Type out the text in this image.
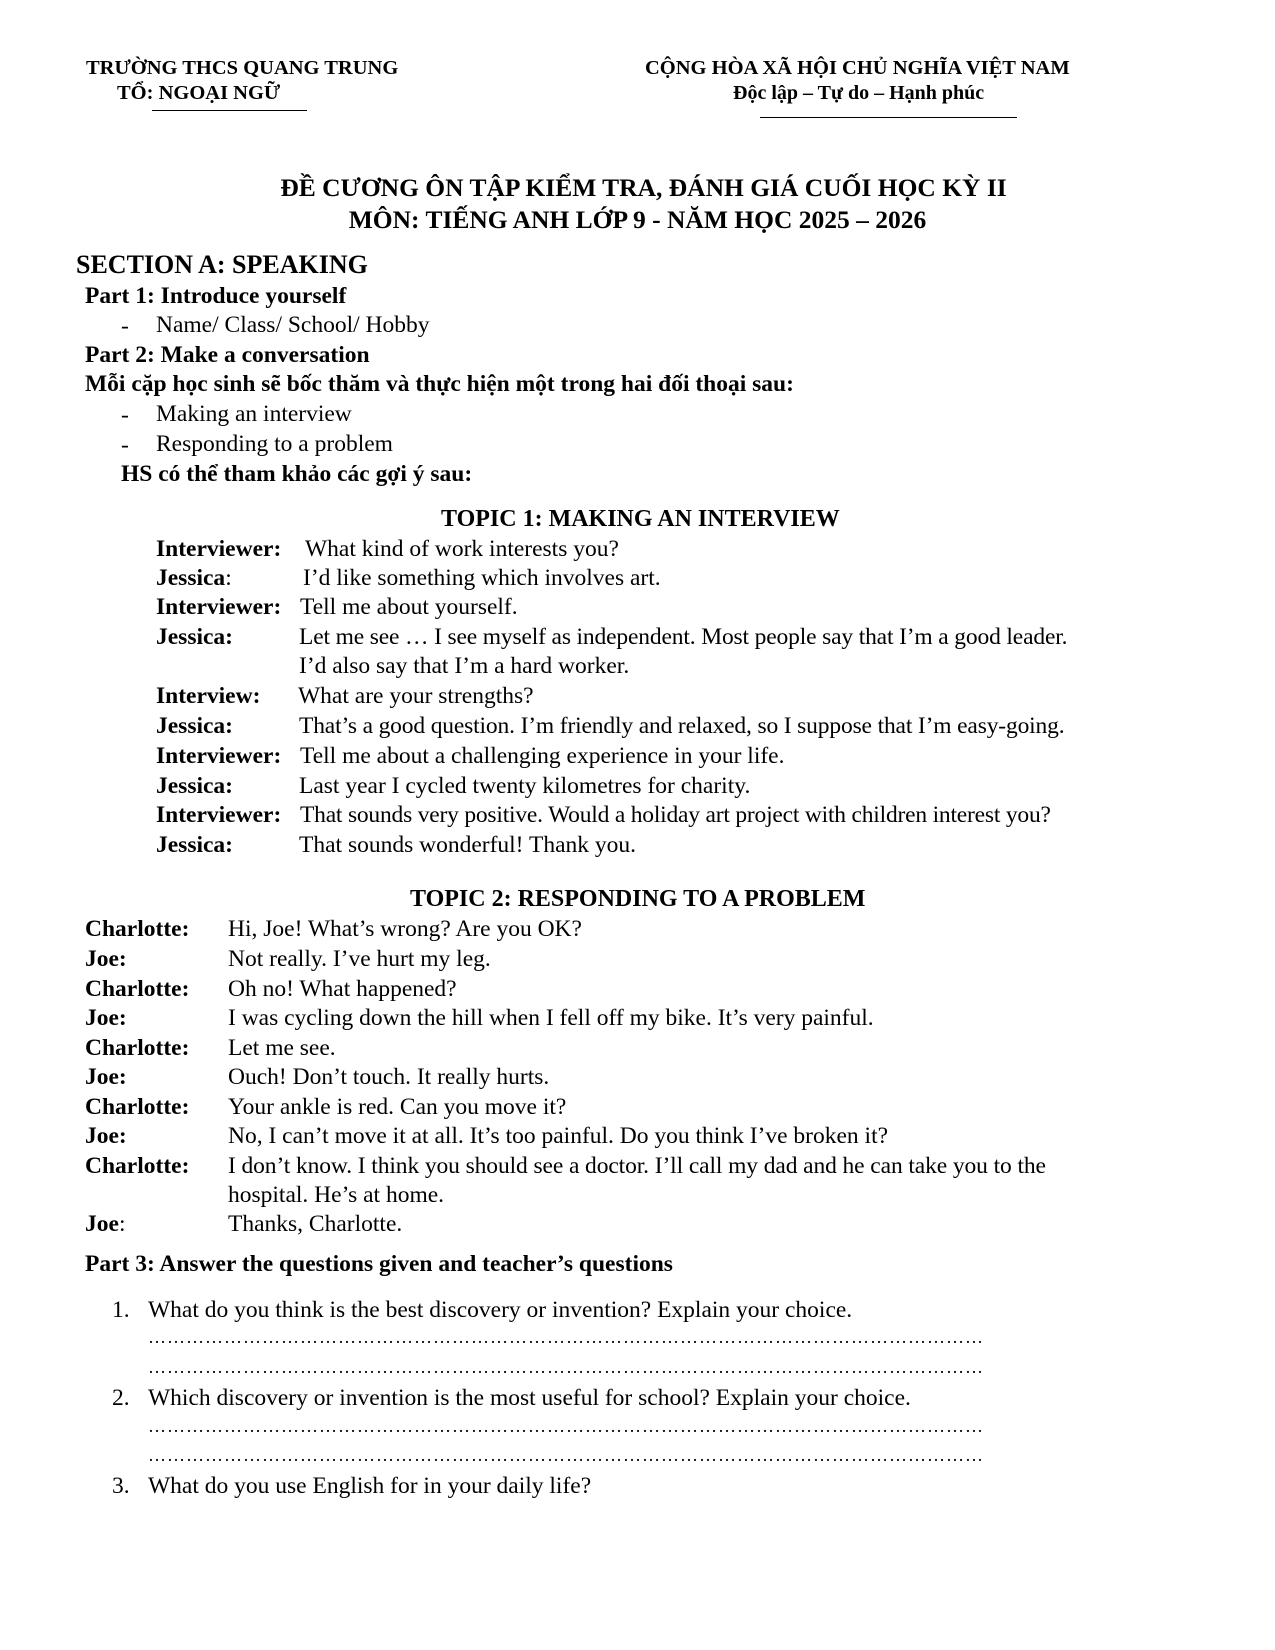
TRƯỜNG THCS QUANG TRUNG
TỔ: NGOẠI NGỮ
CỘNG HÒA XÃ HỘI CHỦ NGHĨA VIỆT NAM
Độc lập – Tự do – Hạnh phúc
ĐỀ CƯƠNG ÔN TẬP KIỂM TRA, ĐÁNH GIÁ CUỐI HỌC KỲ II
MÔN: TIẾNG ANH LỚP 9 - NĂM HỌC 2025 – 2026
SECTION A: SPEAKING
Part 1: Introduce yourself
- Name/ Class/ School/ Hobby
Part 2: Make a conversation
Mỗi cặp học sinh sẽ bốc thăm và thực hiện một trong hai đối thoại sau:
- Making an interview
- Responding to a problem
HS có thể tham khảo các gợi ý sau:
TOPIC 1: MAKING AN INTERVIEW
Interviewer: What kind of work interests you?
Jessica:	I’d like something which involves art.
Interviewer: Tell me about yourself.
Jessica:	Let me see … I see myself as independent. Most people say that I’m a good leader.
I’d also say that I’m a hard worker.
Interview: What are your strengths?
Jessica:	That’s a good question. I’m friendly and relaxed, so I suppose that I’m easy-going.
Interviewer: Tell me about a challenging experience in your life.
Jessica:	Last year I cycled twenty kilometres for charity.
Interviewer: That sounds very positive. Would a holiday art project with children interest you?
Jessica:	That sounds wonderful! Thank you.
TOPIC 2: RESPONDING TO A PROBLEM
Charlotte: Hi, Joe! What’s wrong? Are you OK?
Joe:	Not really. I’ve hurt my leg.
Charlotte: Oh no! What happened?
Joe:	I was cycling down the hill when I fell off my bike. It’s very painful.
Charlotte: Let me see.
Joe:	Ouch! Don’t touch. It really hurts.
Charlotte: Your ankle is red. Can you move it?
Joe:	No, I can’t move it at all. It’s too painful. Do you think I’ve broken it?
Charlotte: I don’t know. I think you should see a doctor. I’ll call my dad and he can take you to the
hospital. He’s at home.
Joe:	Thanks, Charlotte.
Part 3: Answer the questions given and teacher’s questions
1. What do you think is the best discovery or invention? Explain your choice.
……………………………………………………………………………………………………………………
……………………………………………………………………………………………………………………
2. Which discovery or invention is the most useful for school? Explain your choice.
……………………………………………………………………………………………………………………
……………………………………………………………………………………………………………………
3. What do you use English for in your daily life?
